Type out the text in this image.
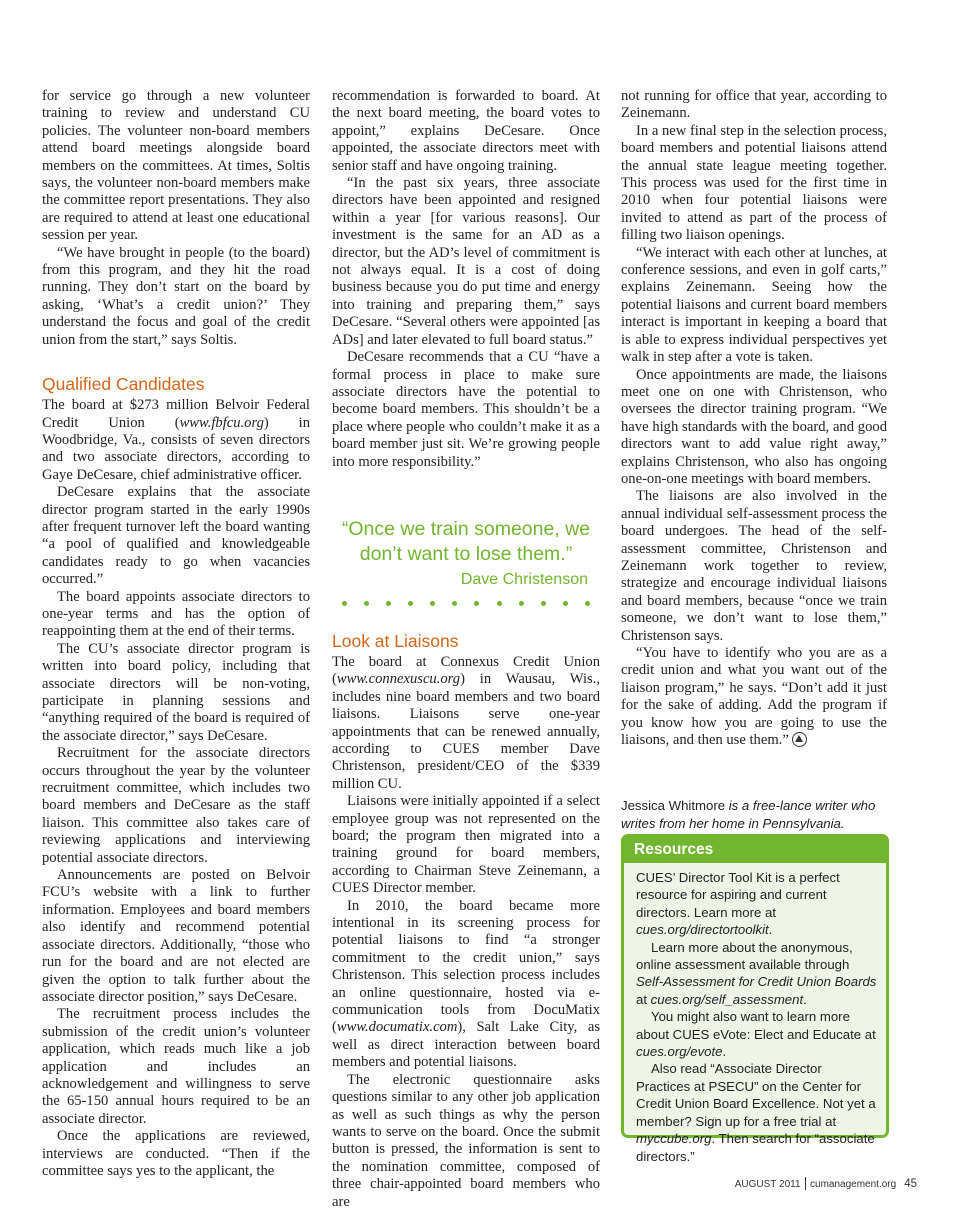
for service go through a new volunteer training to review and understand CU policies. The volunteer non-board members attend board meetings alongside board members on the committees. At times, Soltis says, the volunteer non-board members make the committee report presentations. They also are required to attend at least one educational session per year.

“We have brought in people (to the board) from this program, and they hit the road running. They don’t start on the board by asking, ‘What’s a credit union?’ They understand the focus and goal of the credit union from the start,” says Soltis.

Qualified Candidates

The board at $273 million Belvoir Federal Credit Union (www.fbfcu.org) in Woodbridge, Va., consists of seven directors and two associate directors, according to Gaye DeCesare, chief administrative officer.

DeCesare explains that the associate director program started in the early 1990s after frequent turnover left the board wanting “a pool of qualified and knowledgeable candidates ready to go when vacancies occurred.”

The board appoints associate directors to one-year terms and has the option of reappointing them at the end of their terms.

The CU’s associate director program is written into board policy, including that associate directors will be non-voting, participate in planning sessions and “anything required of the board is required of the associate director,” says DeCesare.

Recruitment for the associate directors occurs throughout the year by the volunteer recruitment committee, which includes two board members and DeCesare as the staff liaison. This committee also takes care of reviewing applications and interviewing potential associate directors.

Announcements are posted on Belvoir FCU’s website with a link to further information. Employees and board members also identify and recommend potential associate directors. Additionally, “those who run for the board and are not elected are given the option to talk further about the associate director position,” says DeCesare.

The recruitment process includes the submission of the credit union’s volunteer application, which reads much like a job application and includes an acknowledgement and willingness to serve the 65-150 annual hours required to be an associate director.

Once the applications are reviewed, interviews are conducted. “Then if the committee says yes to the applicant, the

recommendation is forwarded to board. At the next board meeting, the board votes to appoint,” explains DeCesare. Once appointed, the associate directors meet with senior staff and have ongoing training.

“In the past six years, three associate directors have been appointed and resigned within a year [for various reasons]. Our investment is the same for an AD as a director, but the AD’s level of commitment is not always equal. It is a cost of doing business because you do put time and energy into training and preparing them,” says DeCesare. “Several others were appointed [as ADs] and later elevated to full board status.”

DeCesare recommends that a CU “have a formal process in place to make sure associate directors have the potential to become board members. This shouldn’t be a place where people who couldn’t make it as a board member just sit. We’re growing people into more responsibility.”

“Once we train someone, we don’t want to lose them.”
Dave Christenson
Look at Liaisons

The board at Connexus Credit Union (www.connexuscu.org) in Wausau, Wis., includes nine board members and two board liaisons. Liaisons serve one-year appointments that can be renewed annually, according to CUES member Dave Christenson, president/CEO of the $339 million CU.

Liaisons were initially appointed if a select employee group was not represented on the board; the program then migrated into a training ground for board members, according to Chairman Steve Zeinemann, a CUES Director member.

In 2010, the board became more intentional in its screening process for potential liaisons to find “a stronger commitment to the credit union,” says Christenson. This selection process includes an online questionnaire, hosted via e-communication tools from DocuMatix (www.documatix.com), Salt Lake City, as well as direct interaction between board members and potential liaisons.

The electronic questionnaire asks questions similar to any other job application as well as such things as why the person wants to serve on the board. Once the submit button is pressed, the information is sent to the nomination committee, composed of three chair-appointed board members who are

not running for office that year, according to Zeinemann.

In a new final step in the selection process, board members and potential liaisons attend the annual state league meeting together. This process was used for the first time in 2010 when four potential liaisons were invited to attend as part of the process of filling two liaison openings.

“We interact with each other at lunches, at conference sessions, and even in golf carts,” explains Zeinemann. Seeing how the potential liaisons and current board members interact is important in keeping a board that is able to express individual perspectives yet walk in step after a vote is taken.

Once appointments are made, the liaisons meet one on one with Christenson, who oversees the director training program. “We have high standards with the board, and good directors want to add value right away,” explains Christenson, who also has ongoing one-on-one meetings with board members.

The liaisons are also involved in the annual individual self-assessment process the board undergoes. The head of the self-assessment committee, Christenson and Zeinemann work together to review, strategize and encourage individual liaisons and board members, because “once we train someone, we don’t want to lose them,” Christenson says.

“You have to identify who you are as a credit union and what you want out of the liaison program,” he says. “Don’t add it just for the sake of adding. Add the program if you know how you are going to use the liaisons, and then use them.”

Jessica Whitmore is a free-lance writer who writes from her home in Pennsylvania.
Resources

CUES’ Director Tool Kit is a perfect resource for aspiring and current directors. Learn more at cues.org/directortoolkit.

Learn more about the anonymous, online assessment available through Self-Assessment for Credit Union Boards at cues.org/self_assessment.

You might also want to learn more about CUES eVote: Elect and Educate at cues.org/evote.

Also read “Associate Director Practices at PSECU” on the Center for Credit Union Board Excellence. Not yet a member? Sign up for a free trial at myccube.org. Then search for “associate directors.”

AUGUST 2011 cumanagement.org 45
